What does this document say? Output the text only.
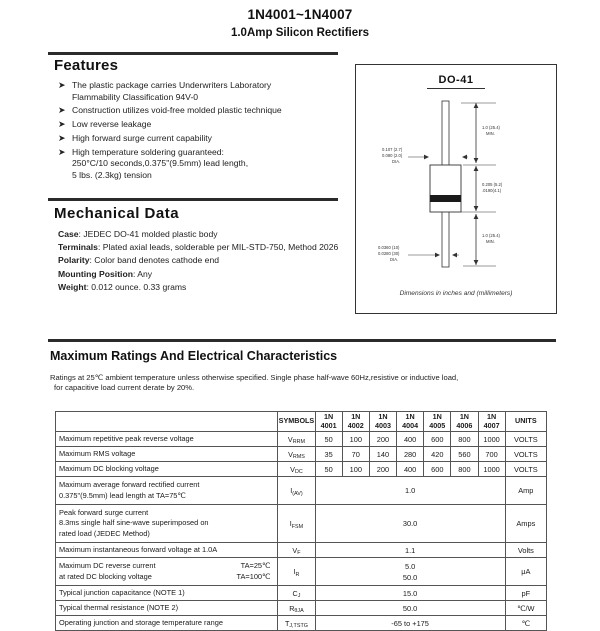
1N4001~1N4007
1.0Amp Silicon Rectifiers
Features
➤ The plastic package carries Underwriters Laboratory
Flammability Classification 94V-0
➤ Construction utilizes void-free molded plastic technique
➤ Low reverse leakage
➤ High forward surge current capability
➤ High temperature soldering guaranteed:
250°C/10 seconds,0.375"(9.5mm) lead length,
5 lbs. (2.3kg) tension
Mechanical Data
Case: JEDEC DO-41 molded plastic body
Terminals: Plated axial leads, solderable per MIL-STD-750, Method 2026
Polarity: Color band denotes cathode end
Mounting Position: Any
Weight: 0.012 ounce. 0.33 grams
DO-41
1.0 (25.4)
MIN.
0.205 (5.2)
.0190(4.1)
1.0 (25.4)
MIN.
0.107 (2.7)
0.080 (2.0)
DIA.
0.0360 (10)
0.0280 (30)
DIA.
Dimensions in inches and (millimeters)
Maximum Ratings And Electrical Characteristics
Ratings at 25℃ ambient temperature unless otherwise specified. Single phase half-wave 60Hz,resistive or inductive load,
for capacitive load current derate by 20%.
	SYMBOLS	1N
4001	1N
4002	1N
4003	1N
4004	1N
4005	1N
4006	1N
4007	UNITS
Maximum repetitive peak reverse voltage	$V_{RRM}$	50	100	200	400	600	800	1000	VOLTS
Maximum RMS voltage	$V_{RMS}$	35	70	140	280	420	560	700	VOLTS
Maximum DC blocking voltage	$V_{DC}$	50	100	200	400	600	800	1000	VOLTS

Maximum average forward rectified current
0.375"(9.5mm) lead length at TA=75℃	$I_{(AV)}$	1.0							Amp

Peak forward surge current
8.3ms single half sine-wave superimposed on
rated load (JEDEC Method)	$I_{FSM}$	30.0							Amps
Maximum instantaneous forward voltage at 1.0A	$V_F$	1.1							Volts

Maximum DC reverse current TA=25℃
at rated DC blocking voltage TA=100℃	$I_R$	5.0
50.0							μA
Typical junction capacitance (NOTE 1)	$C_J$	15.0							pF
Typical thermal resistance (NOTE 2)	$R_{\theta JA}$	50.0							℃/W
Operating junction and storage temperature range	$T_{J,TSTG}$	-65 to +175							℃
